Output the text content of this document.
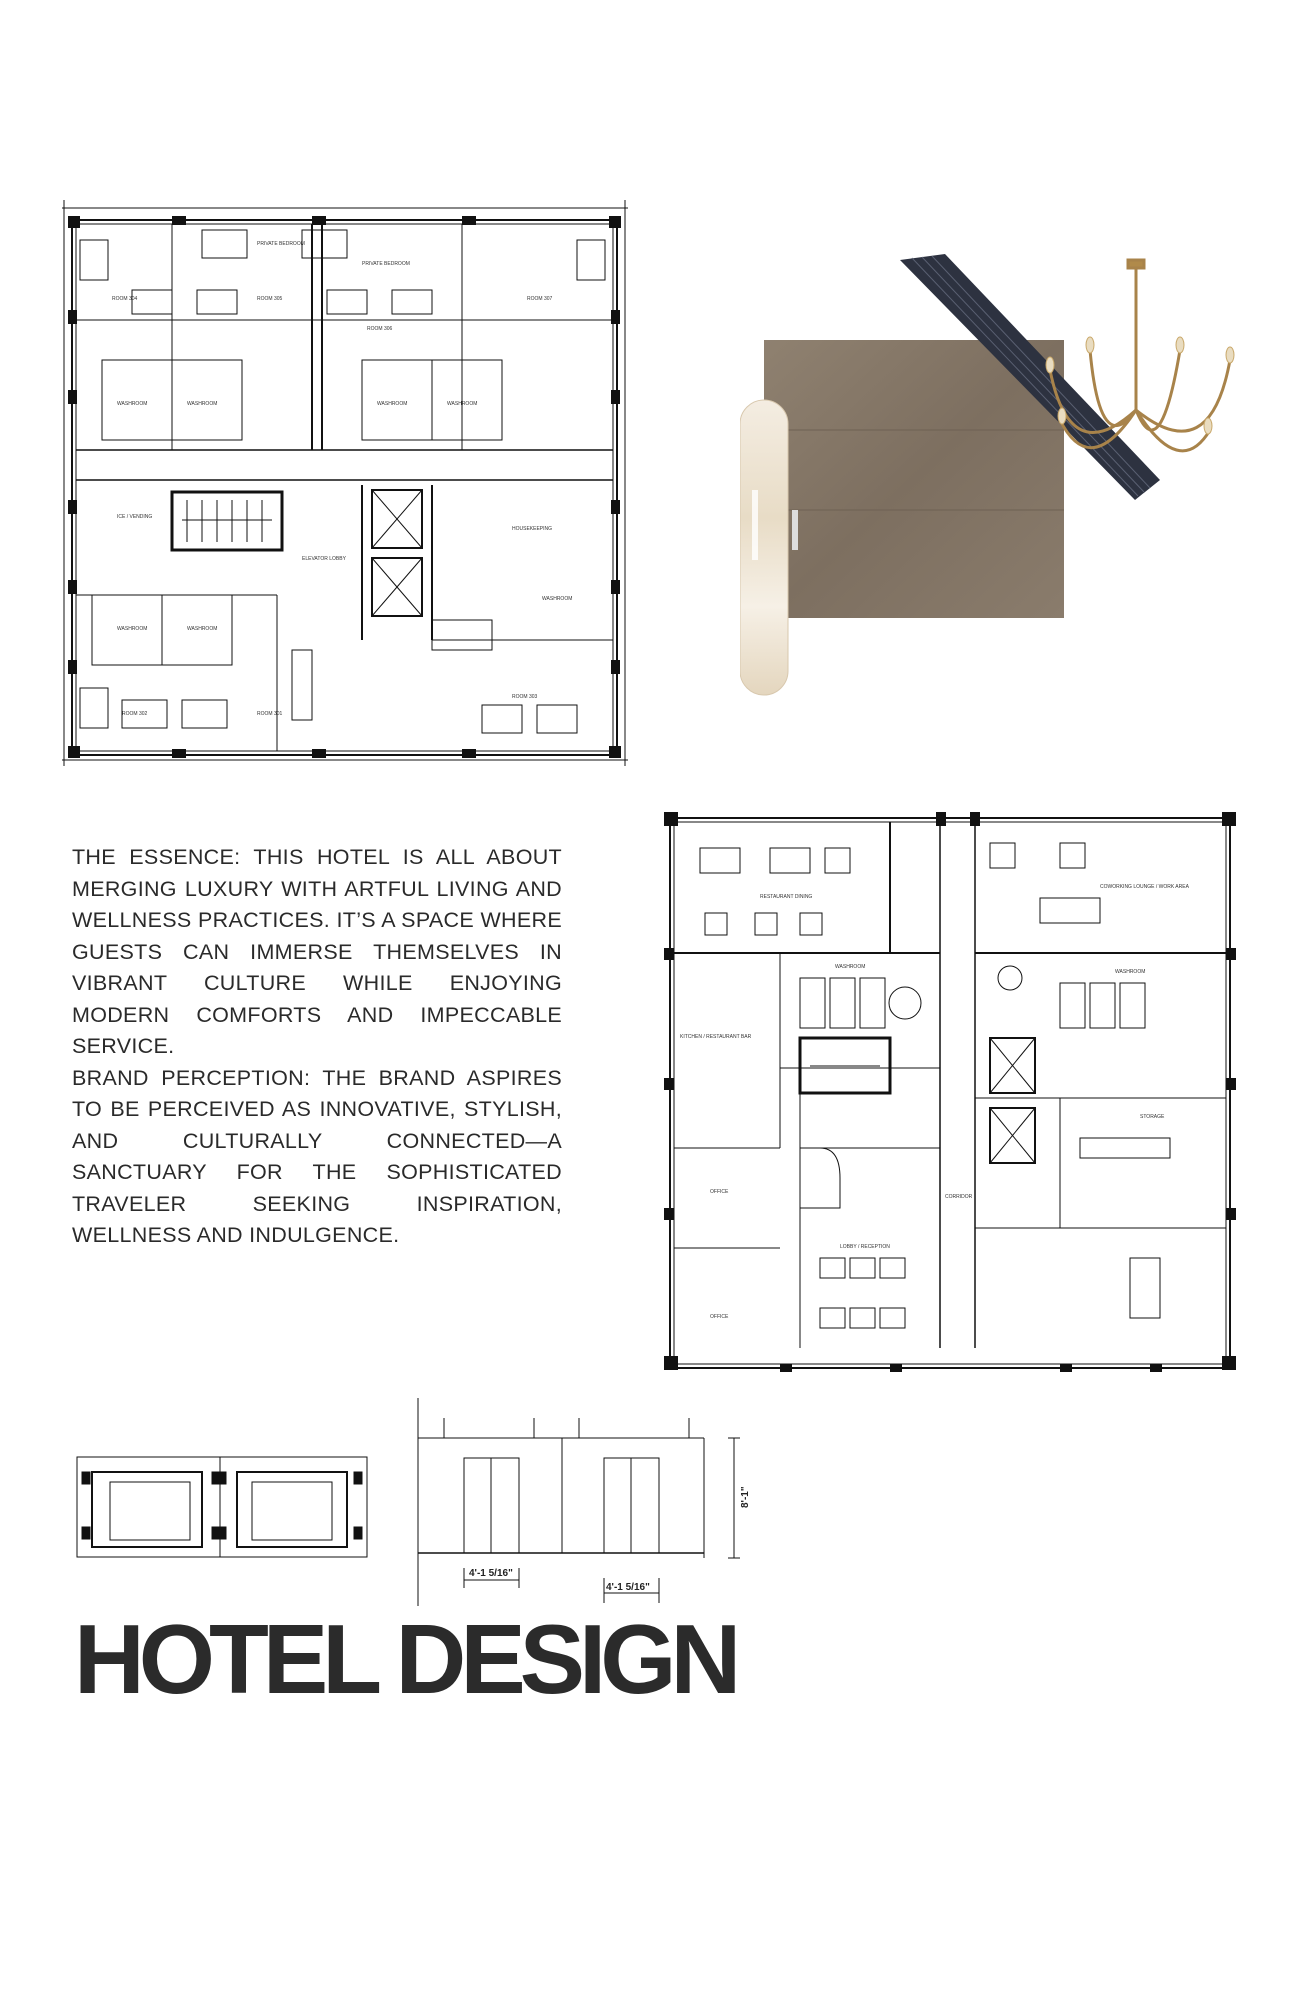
PRIVATE BEDROOM
PRIVATE BEDROOM
ROOM 304	ROOM 305
ROOM 306
ROOM 307
WASHROOM	WASHROOM	WASHROOM	WASHROOM
ICE / VENDING
ELEVATOR LOBBY
HOUSEKEEPING
WASHROOM
WASHROOM	WASHROOM
ROOM 303
ROOM 302	ROOM 301

THE ESSENCE: THIS HOTEL IS ALL ABOUT MERGING LUXURY WITH ARTFUL LIVING AND WELLNESS PRACTICES. IT’S A SPACE WHERE GUESTS CAN IMMERSE THEMSELVES IN VIBRANT CULTURE WHILE ENJOYING MODERN COMFORTS AND IMPECCABLE SERVICE.

BRAND PERCEPTION: THE BRAND ASPIRES TO BE PERCEIVED AS INNOVATIVE, STYLISH, AND CULTURALLY CONNECTED—A SANCTUARY FOR THE SOPHISTICATED TRAVELER SEEKING INSPIRATION, WELLNESS AND INDULGENCE.

RESTAURANT DINING
COWORKING LOUNGE / WORK AREA
WASHROOM
WASHROOM
KITCHEN / RESTAURANT BAR
STORAGE
OFFICE
CORRIDOR
LOBBY / RECEPTION
OFFICE
4'-1 5/16"
4'-1 5/16"
8'-1"
HOTEL DESIGN
